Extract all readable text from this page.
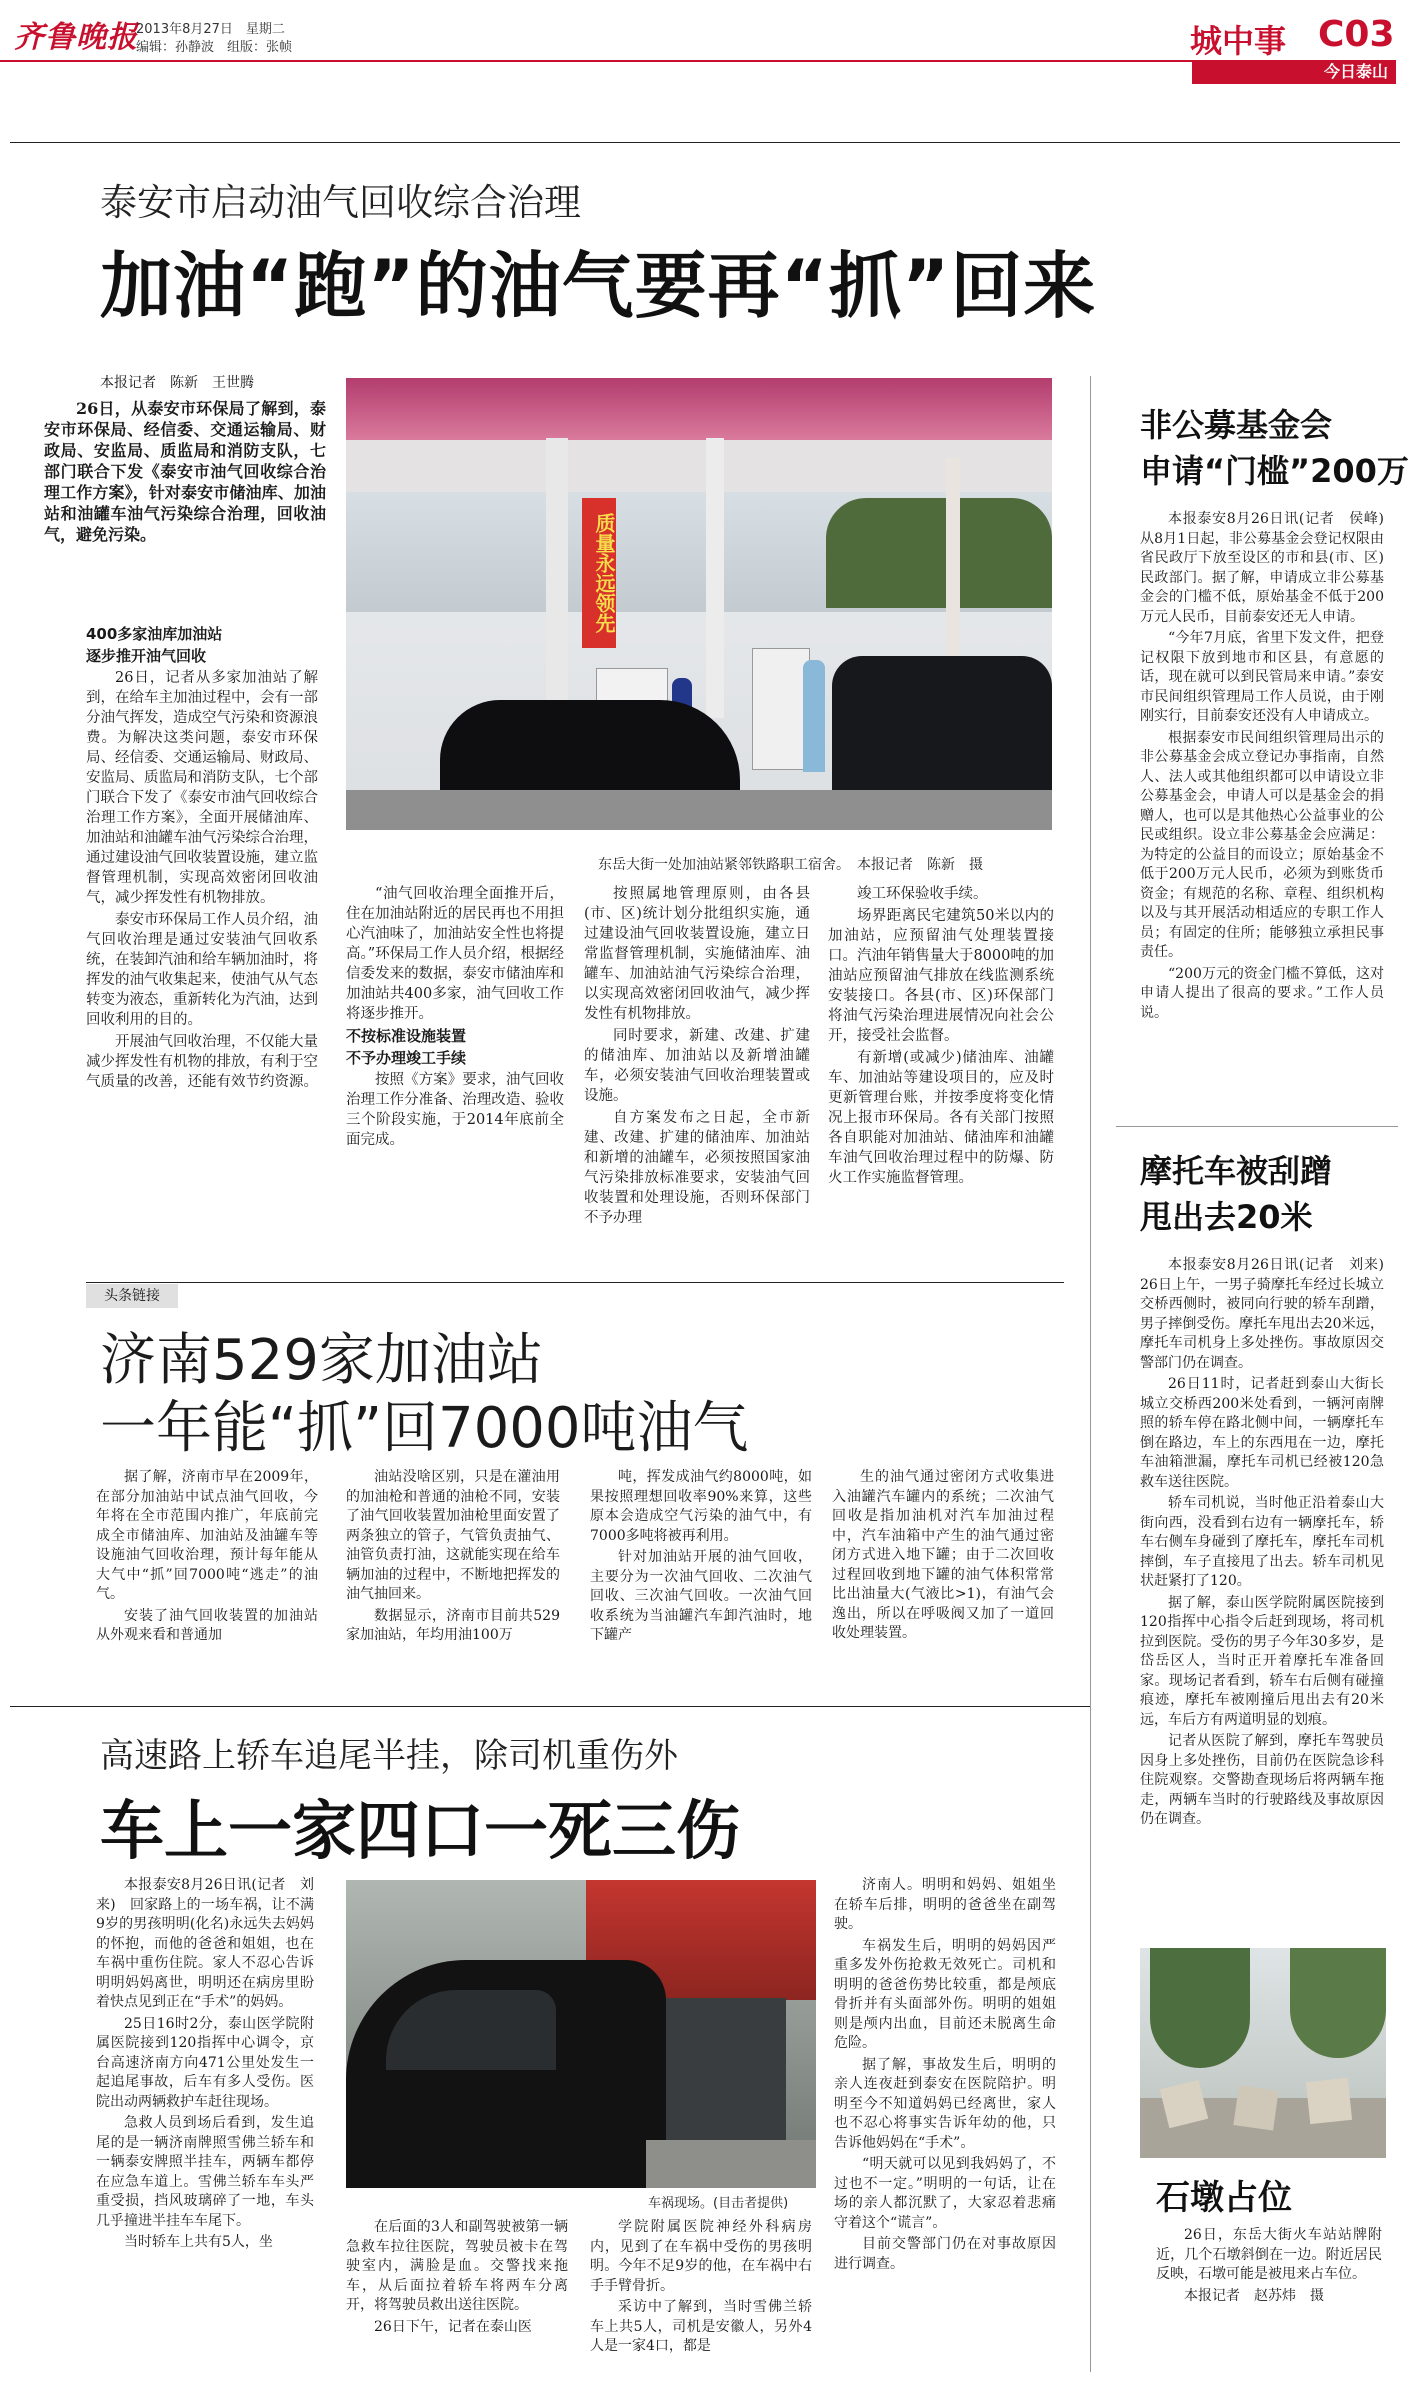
齐鲁晚报
2013年8月27日　星期二
编辑：孙静波　组版：张帧	城中事 C03
今日泰山
泰安市启动油气回收综合治理
加油“跑”的油气要再“抓”回来
本报记者　陈新　王世腾

26日，从泰安市环保局了解到，泰安市环保局、经信委、交通运输局、财政局、安监局、质监局和消防支队，七部门联合下发《泰安市油气回收综合治理工作方案》，针对泰安市储油库、加油站和油罐车油气污染综合治理，回收油气，避免污染。	质量永远领先
东岳大街一处加油站紧邻铁路职工宿舍。　本报记者　陈新　摄

400多家油库加油站

逐步推开油气回收

26日，记者从多家加油站了解到，在给车主加油过程中，会有一部分油气挥发，造成空气污染和资源浪费。为解决这类问题，泰安市环保局、经信委、交通运输局、财政局、安监局、质监局和消防支队，七个部门联合下发了《泰安市油气回收综合治理工作方案》，全面开展储油库、加油站和油罐车油气污染综合治理，通过建设油气回收装置设施，建立监督管理机制，实现高效密闭回收油气，减少挥发性有机物排放。

泰安市环保局工作人员介绍，油气回收治理是通过安装油气回收系统，在装卸汽油和给车辆加油时，将挥发的油气收集起来，使油气从气态转变为液态，重新转化为汽油，达到回收利用的目的。

开展油气回收治理，不仅能大量减少挥发性有机物的排放，有利于空气质量的改善，还能有效节约资源。

“油气回收治理全面推开后，住在加油站附近的居民再也不用担心汽油味了，加油站安全性也将提高。”环保局工作人员介绍，根据经信委发来的数据，泰安市储油库和加油站共400多家，油气回收工作将逐步推开。

不按标准设施装置

不予办理竣工手续

按照《方案》要求，油气回收治理工作分准备、治理改造、验收三个阶段实施，于2014年底前全面完成。

按照属地管理原则，由各县(市、区)统计划分批组织实施，通过建设油气回收装置设施，建立日常监督管理机制，实施储油库、油罐车、加油站油气污染综合治理，以实现高效密闭回收油气，减少挥发性有机物排放。

同时要求，新建、改建、扩建的储油库、加油站以及新增油罐车，必须安装油气回收治理装置或设施。

自方案发布之日起，全市新建、改建、扩建的储油库、加油站和新增的油罐车，必须按照国家油气污染排放标准要求，安装油气回收装置和处理设施，否则环保部门不予办理

竣工环保验收手续。

场界距离民宅建筑50米以内的加油站，应预留油气处理装置接口。汽油年销售量大于8000吨的加油站应预留油气排放在线监测系统安装接口。各县(市、区)环保部门将油气污染治理进展情况向社会公开，接受社会监督。

有新增(或减少)储油库、油罐车、加油站等建设项目的，应及时更新管理台账，并按季度将变化情况上报市环保局。各有关部门按照各自职能对加油站、储油库和油罐车油气回收治理过程中的防爆、防火工作实施监督管理。

头条链接
济南529家加油站
一年能“抓”回7000吨油气

据了解，济南市早在2009年，在部分加油站中试点油气回收，今年将在全市范围内推广，年底前完成全市储油库、加油站及油罐车等设施油气回收治理，预计每年能从大气中“抓”回7000吨“逃走”的油气。

安装了油气回收装置的加油站从外观来看和普通加

油站没啥区别，只是在灌油用的加油枪和普通的油枪不同，安装了油气回收装置加油枪里面安置了两条独立的管子，气管负责抽气、油管负责打油，这就能实现在给车辆加油的过程中，不断地把挥发的油气抽回来。

数据显示，济南市目前共529家加油站，年均用油100万

吨，挥发成油气约8000吨，如果按照理想回收率90%来算，这些原本会造成空气污染的油气中，有7000多吨将被再利用。

针对加油站开展的油气回收，主要分为一次油气回收、二次油气回收、三次油气回收。一次油气回收系统为当油罐汽车卸汽油时，地下罐产

生的油气通过密闭方式收集进入油罐汽车罐内的系统；二次油气回收是指加油机对汽车加油过程中，汽车油箱中产生的油气通过密闭方式进入地下罐；由于二次回收过程回收到地下罐的油气体积常常比出油量大(气液比>1)，有油气会逸出，所以在呼吸阀又加了一道回收处理装置。

高速路上轿车追尾半挂，除司机重伤外
车上一家四口一死三伤

本报泰安8月26日讯(记者　刘来)　回家路上的一场车祸，让不满9岁的男孩明明(化名)永远失去妈妈的怀抱，而他的爸爸和姐姐，也在车祸中重伤住院。家人不忍心告诉明明妈妈离世，明明还在病房里盼着快点见到正在“手术”的妈妈。

25日16时2分，泰山医学院附属医院接到120指挥中心调令，京台高速济南方向471公里处发生一起追尾事故，后车有多人受伤。医院出动两辆救护车赶往现场。

急救人员到场后看到，发生追尾的是一辆济南牌照雪佛兰轿车和一辆泰安牌照半挂车，两辆车都停在应急车道上。雪佛兰轿车车头严重受损，挡风玻璃碎了一地，车头几乎撞进半挂车车尾下。

当时轿车上共有5人，坐

车祸现场。(目击者提供)

在后面的3人和副驾驶被第一辆急救车拉往医院，驾驶员被卡在驾驶室内，满脸是血。交警找来拖车，从后面拉着轿车将两车分离开，将驾驶员救出送往医院。

26日下午，记者在泰山医

学院附属医院神经外科病房内，见到了在车祸中受伤的男孩明明。今年不足9岁的他，在车祸中右手手臂骨折。

采访中了解到，当时雪佛兰轿车上共5人，司机是安徽人，另外4人是一家4口，都是

济南人。明明和妈妈、姐姐坐在轿车后排，明明的爸爸坐在副驾驶。

车祸发生后，明明的妈妈因严重多发外伤抢救无效死亡。司机和明明的爸爸伤势比较重，都是颅底骨折并有头面部外伤。明明的姐姐则是颅内出血，目前还未脱离生命危险。

据了解，事故发生后，明明的亲人连夜赶到泰安在医院陪护。明明至今不知道妈妈已经离世，家人也不忍心将事实告诉年幼的他，只告诉他妈妈在“手术”。

“明天就可以见到我妈妈了，不过也不一定。”明明的一句话，让在场的亲人都沉默了，大家忍着悲痛守着这个“谎言”。

目前交警部门仍在对事故原因进行调查。

非公募基金会
申请“门槛”200万

本报泰安8月26日讯(记者　侯峰)　从8月1日起，非公募基金会登记权限由省民政厅下放至设区的市和县(市、区)民政部门。据了解，申请成立非公募基金会的门槛不低，原始基金不低于200万元人民币，目前泰安还无人申请。

“今年7月底，省里下发文件，把登记权限下放到地市和区县，有意愿的话，现在就可以到民管局来申请。”泰安市民间组织管理局工作人员说，由于刚刚实行，目前泰安还没有人申请成立。

根据泰安市民间组织管理局出示的非公募基金会成立登记办事指南，自然人、法人或其他组织都可以申请设立非公募基金会，申请人可以是基金会的捐赠人，也可以是其他热心公益事业的公民或组织。设立非公募基金会应满足：为特定的公益目的而设立；原始基金不低于200万元人民币，必须为到账货币资金；有规范的名称、章程、组织机构以及与其开展活动相适应的专职工作人员；有固定的住所；能够独立承担民事责任。

“200万元的资金门槛不算低，这对申请人提出了很高的要求。”工作人员说。

摩托车被刮蹭
甩出去20米

本报泰安8月26日讯(记者　刘来)　26日上午，一男子骑摩托车经过长城立交桥西侧时，被同向行驶的轿车刮蹭，男子摔倒受伤。摩托车甩出去20米远，摩托车司机身上多处挫伤。事故原因交警部门仍在调查。

26日11时，记者赶到泰山大街长城立交桥西200米处看到，一辆河南牌照的轿车停在路北侧中间，一辆摩托车倒在路边，车上的东西甩在一边，摩托车油箱泄漏，摩托车司机已经被120急救车送往医院。

轿车司机说，当时他正沿着泰山大街向西，没看到右边有一辆摩托车，轿车右侧车身碰到了摩托车，摩托车司机摔倒，车子直接甩了出去。轿车司机见状赶紧打了120。

据了解，泰山医学院附属医院接到120指挥中心指令后赶到现场，将司机拉到医院。受伤的男子今年30多岁，是岱岳区人，当时正开着摩托车准备回家。现场记者看到，轿车右后侧有碰撞痕迹，摩托车被刚撞后甩出去有20米远，车后方有两道明显的划痕。

记者从医院了解到，摩托车驾驶员因身上多处挫伤，目前仍在医院急诊科住院观察。交警勘查现场后将两辆车拖走，两辆车当时的行驶路线及事故原因仍在调查。

石墩占位

26日，东岳大街火车站站牌附近，几个石墩斜倒在一边。附近居民反映，石墩可能是被甩来占车位。

本报记者　赵苏炜　摄
